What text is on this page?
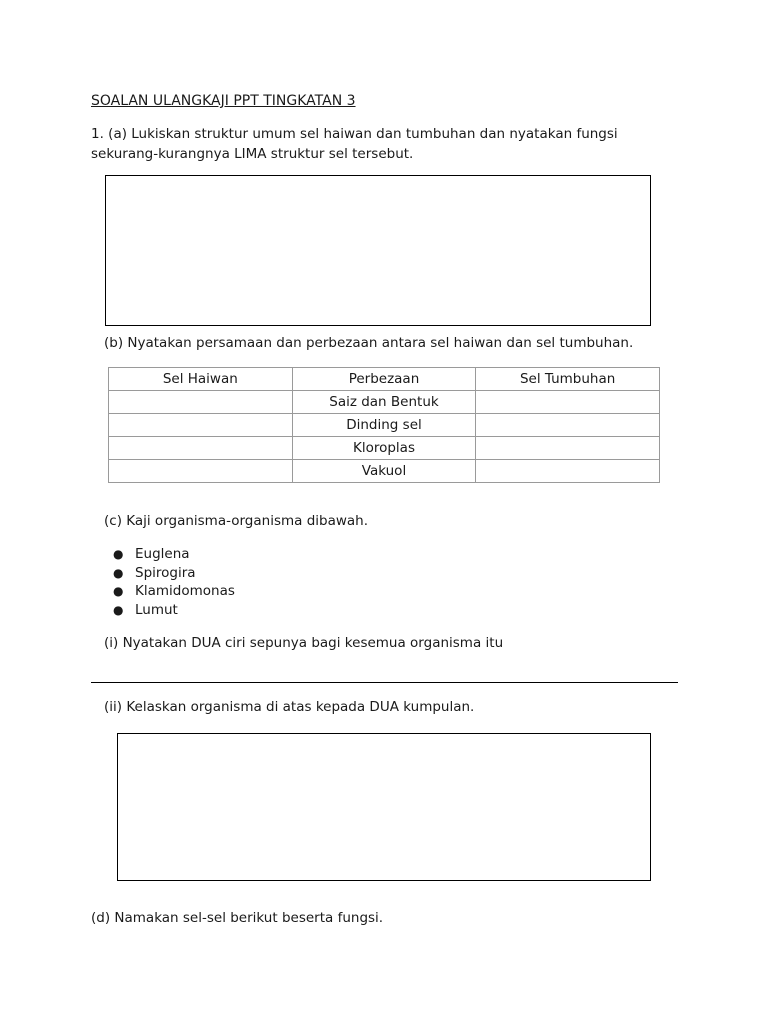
SOALAN ULANGKAJI PPT TINGKATAN 3
1. (a) Lukiskan struktur umum sel haiwan dan tumbuhan dan nyatakan fungsi
sekurang-kurangnya LIMA struktur sel tersebut.
(b) Nyatakan persamaan dan perbezaan antara sel haiwan dan sel tumbuhan.
Sel Haiwan	Perbezaan	Sel Tumbuhan
	Saiz dan Bentuk	
	Dinding sel	
	Kloroplas	
	Vakuol	
(c) Kaji organisma-organisma dibawah.
● Euglena
● Spirogira
● Klamidomonas
● Lumut
(i) Nyatakan DUA ciri sepunya bagi kesemua organisma itu
(ii) Kelaskan organisma di atas kepada DUA kumpulan.
(d) Namakan sel-sel berikut beserta fungsi.
